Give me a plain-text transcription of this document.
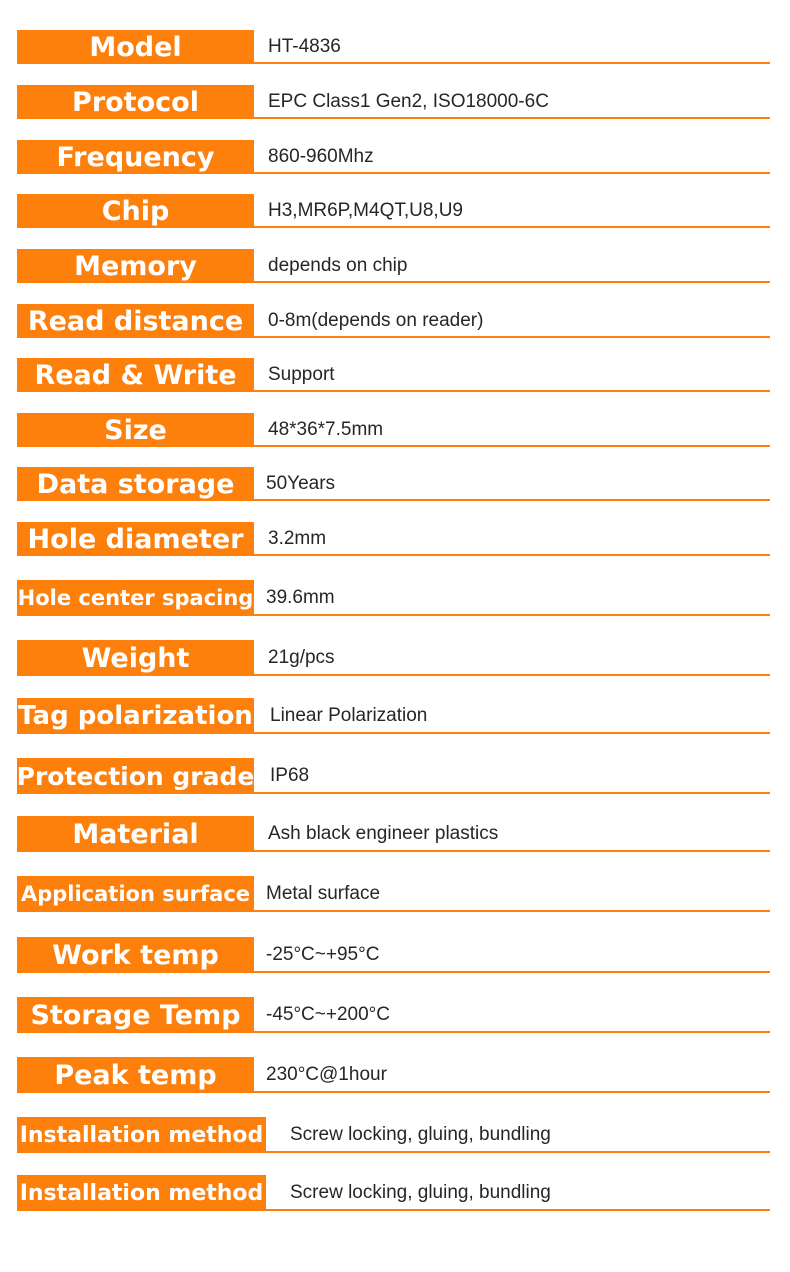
Model	HT-4836
Protocol	EPC Class1 Gen2, ISO18000-6C
Frequency	860-960Mhz
Chip	H3,MR6P,M4QT,U8,U9
Memory	depends on chip
Read distance	0-8m(depends on reader)
Read & Write	Support
Size	48*36*7.5mm
Data storage	50Years
Hole diameter	3.2mm
Hole center spacing 39.6mm
Weight	21g/pcs
Tag polarization Linear Polarization
Protection grade IP68
Material	Ash black engineer plastics
Application surface Metal surface
Work temp	-25°C~+95°C
Storage Temp	-45°C~+200°C
Peak temp	230°C@1hour
Installation method Screw locking, gluing, bundling
Installation method Screw locking, gluing, bundling
